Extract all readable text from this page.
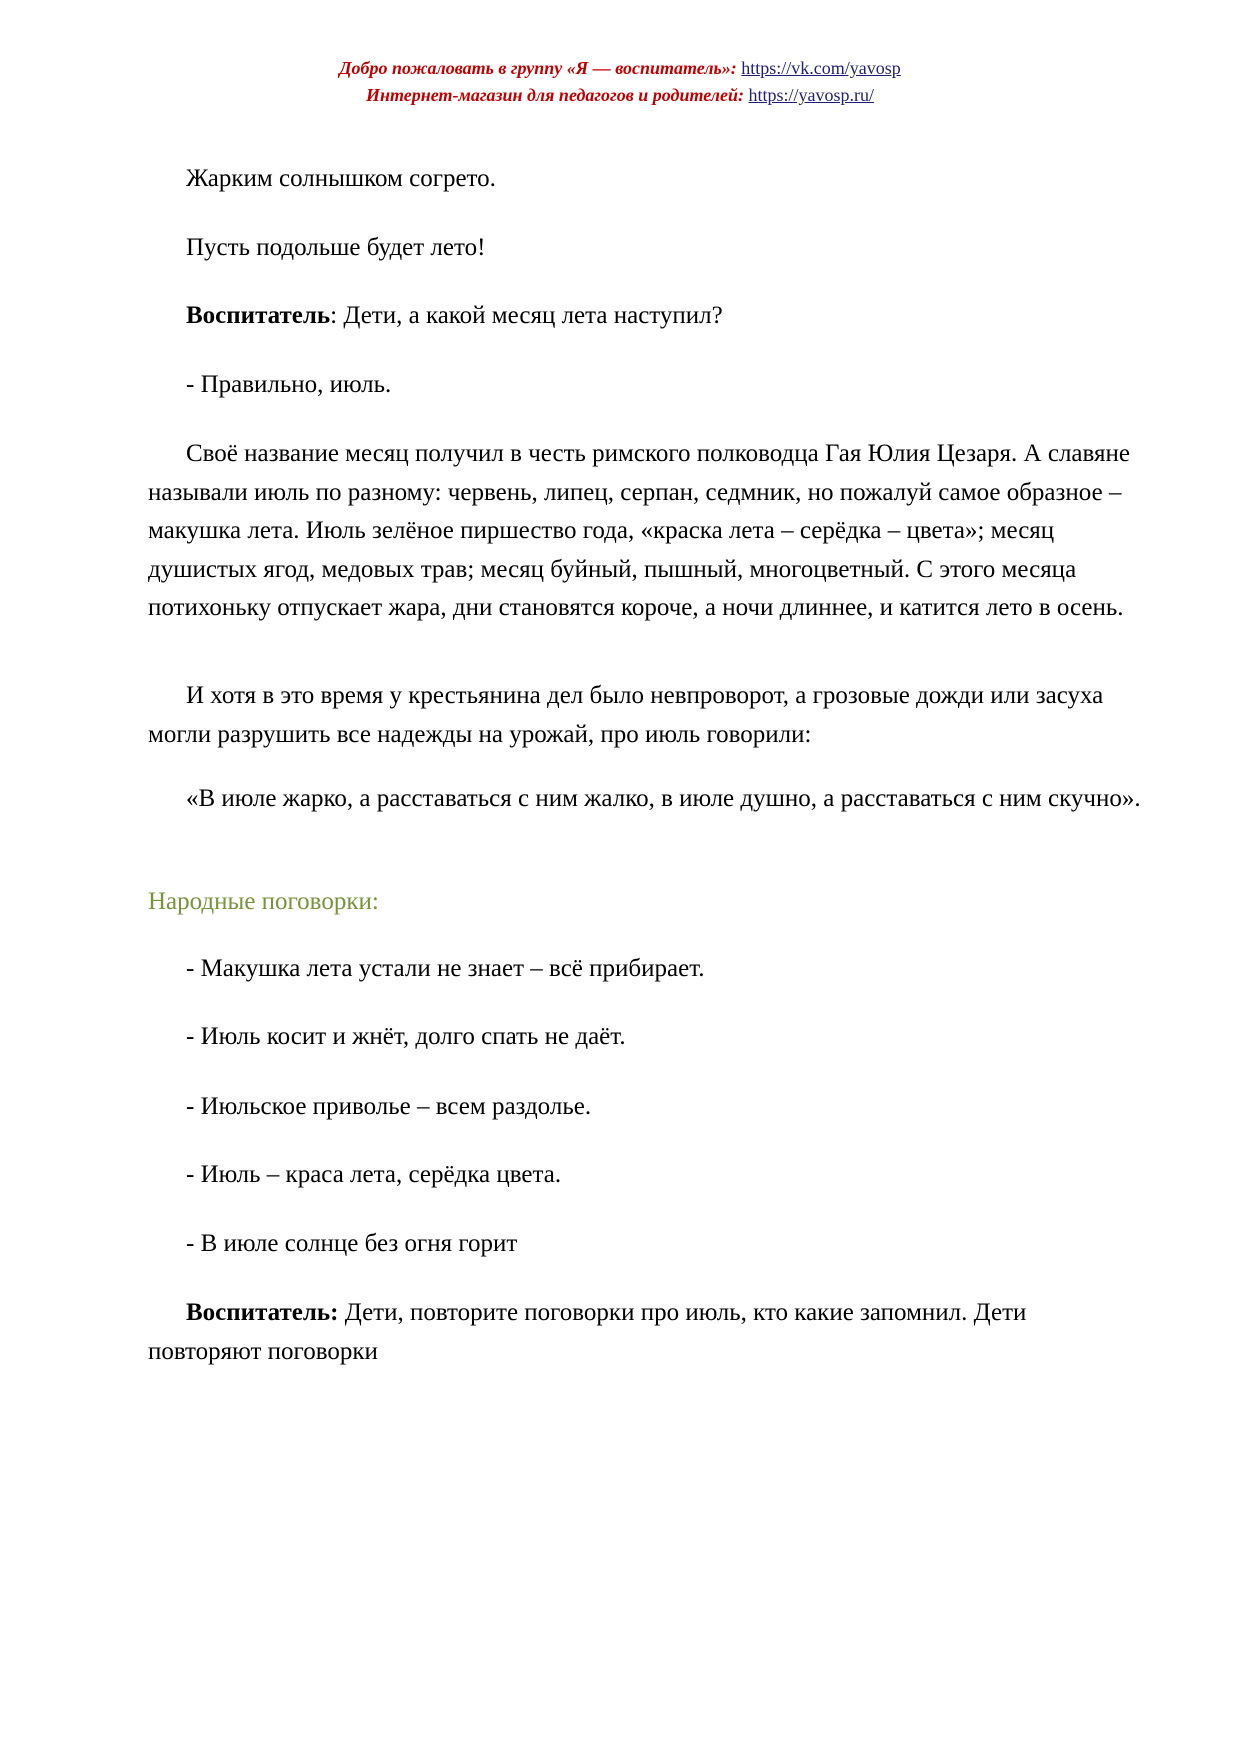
Добро пожаловать в группу «Я — воспитатель»: https://vk.com/yavosp
Интернет-магазин для педагогов и родителей: https://yavosp.ru/

Жарким солнышком согрето.

Пусть подольше будет лето!

Воспитатель: Дети, а какой месяц лета наступил?

- Правильно, июль.

Своё название месяц получил в честь римского полководца Гая Юлия Цезаря. А славяне называли июль по разному: червень, липец, серпан, седмник, но пожалуй самое образное – макушка лета. Июль зелёное пиршество года, «краска лета – серёдка – цвета»; месяц душистых ягод, медовых трав; месяц буйный, пышный, многоцветный. С этого месяца потихоньку отпускает жара, дни становятся короче, а ночи длиннее, и катится лето в осень.

И хотя в это время у крестьянина дел было невпроворот, а грозовые дожди или засуха могли разрушить все надежды на урожай, про июль говорили:

«В июле жарко, а расставаться с ним жалко, в июле душно, а расставаться с ним скучно».

Народные поговорки:

- Макушка лета устали не знает – всё прибирает.

- Июль косит и жнёт, долго спать не даёт.

- Июльское приволье – всем раздолье.

- Июль – краса лета, серёдка цвета.

- В июле солнце без огня горит

Воспитатель: Дети, повторите поговорки про июль, кто какие запомнил. Дети повторяют поговорки
